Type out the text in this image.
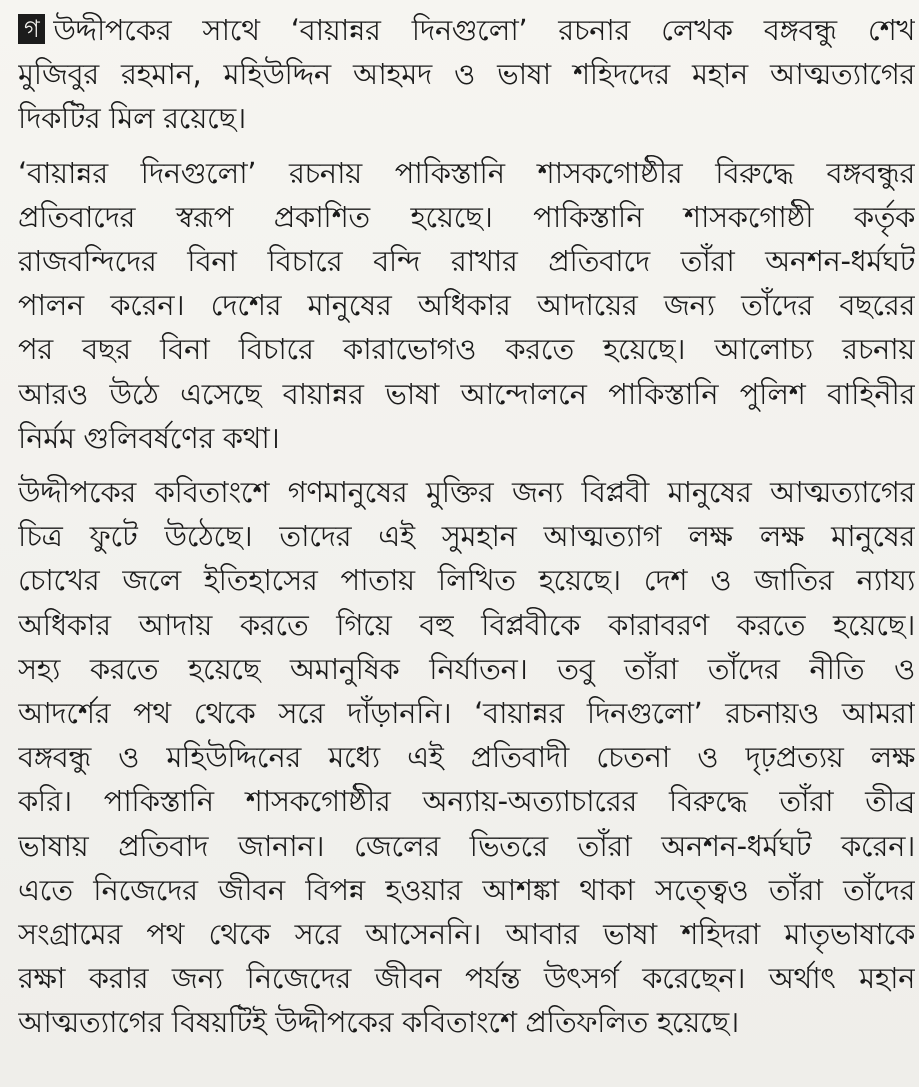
গ উদ্দীপকের সাথে ‘বায়ান্নর দিনগুলো’ রচনার লেখক বঙ্গবন্ধু শেখ
মুজিবুর রহমান, মহিউদ্দিন আহমদ ও ভাষা শহিদদের মহান আত্মত্যাগের
দিকটির মিল রয়েছে।
‘বায়ান্নর দিনগুলো’ রচনায় পাকিস্তানি শাসকগোষ্ঠীর বিরুদ্ধে বঙ্গবন্ধুর
প্রতিবাদের স্বরূপ প্রকাশিত হয়েছে। পাকিস্তানি শাসকগোষ্ঠী কর্তৃক
রাজবন্দিদের বিনা বিচারে বন্দি রাখার প্রতিবাদে তাঁরা অনশন-ধর্মঘট
পালন করেন। দেশের মানুষের অধিকার আদায়ের জন্য তাঁদের বছরের
পর বছর বিনা বিচারে কারাভোগও করতে হয়েছে। আলোচ্য রচনায়
আরও উঠে এসেছে বায়ান্নর ভাষা আন্দোলনে পাকিস্তানি পুলিশ বাহিনীর
নির্মম গুলিবর্ষণের কথা।
উদ্দীপকের কবিতাংশে গণমানুষের মুক্তির জন্য বিপ্লবী মানুষের আত্মত্যাগের
চিত্র ফুটে উঠেছে। তাদের এই সুমহান আত্মত্যাগ লক্ষ লক্ষ মানুষের
চোখের জলে ইতিহাসের পাতায় লিখিত হয়েছে। দেশ ও জাতির ন্যায্য
অধিকার আদায় করতে গিয়ে বহু বিপ্লবীকে কারাবরণ করতে হয়েছে।
সহ্য করতে হয়েছে অমানুষিক নির্যাতন। তবু তাঁরা তাঁদের নীতি ও
আদর্শের পথ থেকে সরে দাঁড়াননি। ‘বায়ান্নর দিনগুলো’ রচনায়ও আমরা
বঙ্গবন্ধু ও মহিউদ্দিনের মধ্যে এই প্রতিবাদী চেতনা ও দৃঢ়প্রত্যয় লক্ষ
করি। পাকিস্তানি শাসকগোষ্ঠীর অন্যায়-অত্যাচারের বিরুদ্ধে তাঁরা তীব্র
ভাষায় প্রতিবাদ জানান। জেলের ভিতরে তাঁরা অনশন-ধর্মঘট করেন।
এতে নিজেদের জীবন বিপন্ন হওয়ার আশঙ্কা থাকা সত্ত্বেও তাঁরা তাঁদের
সংগ্রামের পথ থেকে সরে আসেননি। আবার ভাষা শহিদরা মাতৃভাষাকে
রক্ষা করার জন্য নিজেদের জীবন পর্যন্ত উৎসর্গ করেছেন। অর্থাৎ মহান
আত্মত্যাগের বিষয়টিই উদ্দীপকের কবিতাংশে প্রতিফলিত হয়েছে।
